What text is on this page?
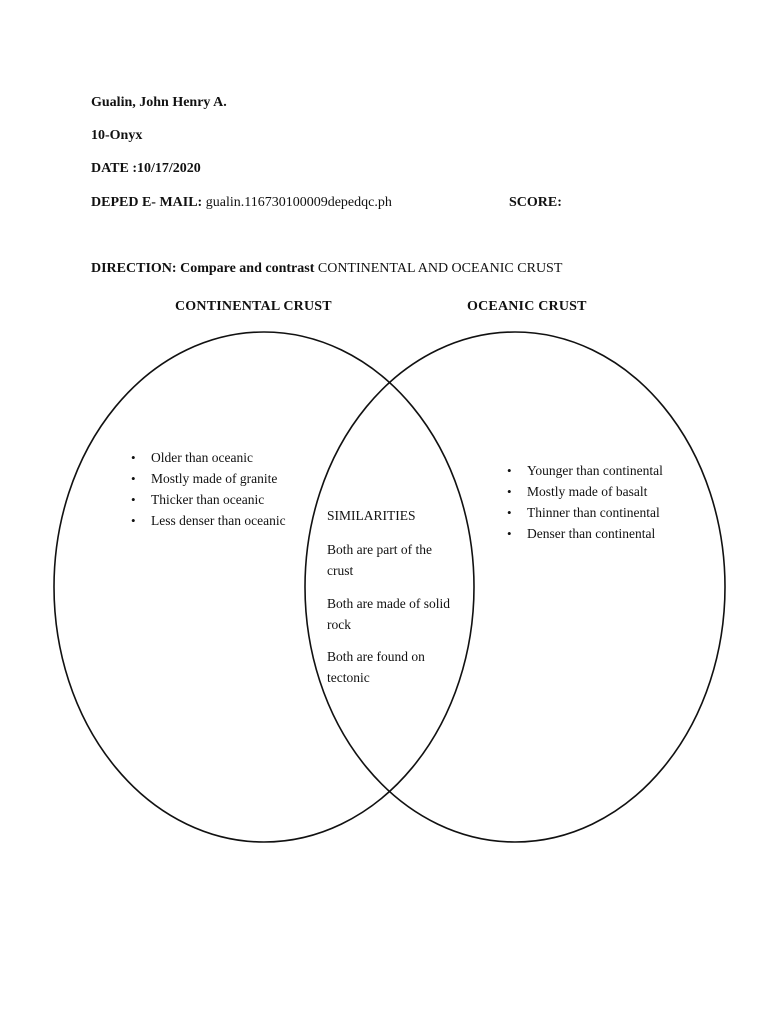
Gualin, John Henry A.
10-Onyx
DATE :10/17/2020
DEPED E- MAIL: gualin.116730100009depedqc.ph	SCORE:
DIRECTION: Compare and contrast CONTINENTAL AND OCEANIC CRUST
CONTINENTAL CRUST	OCEANIC CRUST
• Older than oceanic
• Mostly made of granite
• Thicker than oceanic
• Less denser than oceanic
• Younger than continental
• Mostly made of basalt
• Thinner than continental
• Denser than continental
SIMILARITIES
Both are part of the crust
Both are made of solid rock
Both are found on tectonic
